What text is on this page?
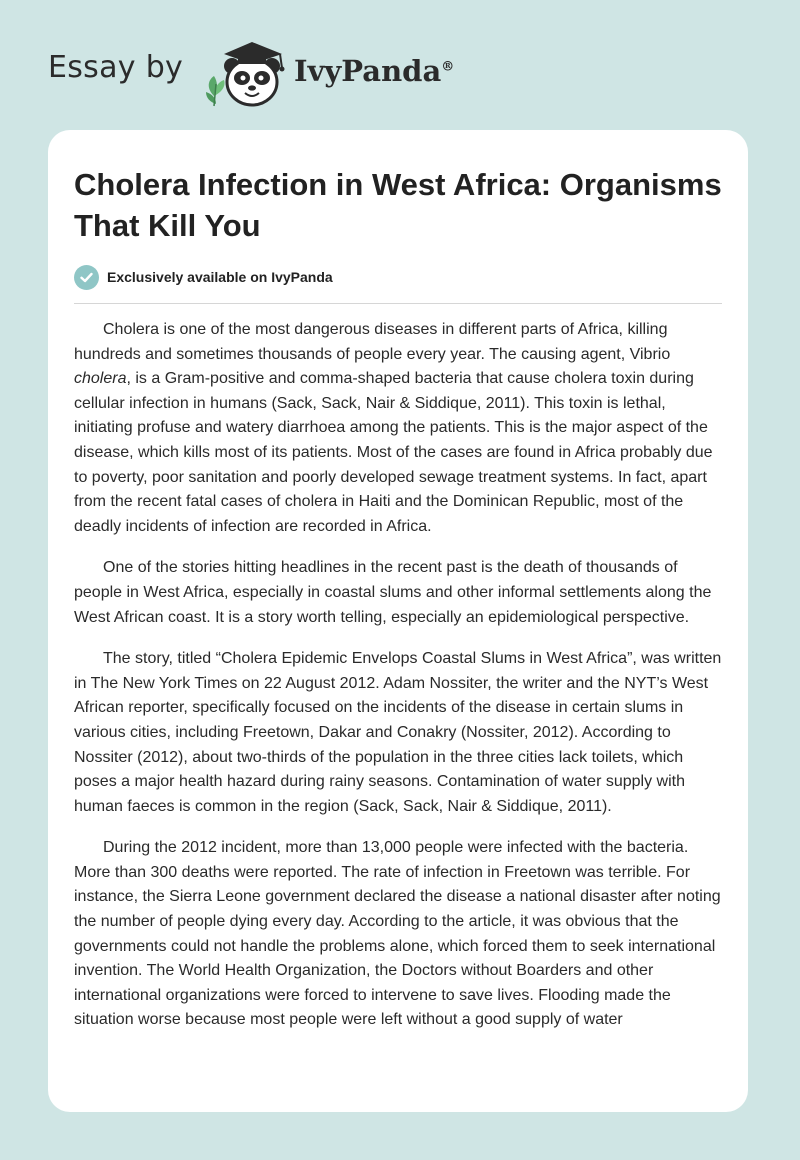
Essay by	IvyPanda®
Cholera Infection in West Africa: Organisms That Kill You
Exclusively available on IvyPanda

Cholera is one of the most dangerous diseases in different parts of Africa, killing hundreds and sometimes thousands of people every year. The causing agent, Vibrio cholera, is a Gram-positive and comma-shaped bacteria that cause cholera toxin during cellular infection in humans (Sack, Sack, Nair & Siddique, 2011). This toxin is lethal, initiating profuse and watery diarrhoea among the patients. This is the major aspect of the disease, which kills most of its patients. Most of the cases are found in Africa probably due to poverty, poor sanitation and poorly developed sewage treatment systems. In fact, apart from the recent fatal cases of cholera in Haiti and the Dominican Republic, most of the deadly incidents of infection are recorded in Africa.

One of the stories hitting headlines in the recent past is the death of thousands of people in West Africa, especially in coastal slums and other informal settlements along the West African coast. It is a story worth telling, especially an epidemiological perspective.

The story, titled “Cholera Epidemic Envelops Coastal Slums in West Africa”, was written in The New York Times on 22 August 2012. Adam Nossiter, the writer and the NYT’s West African reporter, specifically focused on the incidents of the disease in certain slums in various cities, including Freetown, Dakar and Conakry (Nossiter, 2012). According to Nossiter (2012), about two-thirds of the population in the three cities lack toilets, which poses a major health hazard during rainy seasons. Contamination of water supply with human faeces is common in the region (Sack, Sack, Nair & Siddique, 2011).

During the 2012 incident, more than 13,000 people were infected with the bacteria. More than 300 deaths were reported. The rate of infection in Freetown was terrible. For instance, the Sierra Leone government declared the disease a national disaster after noting the number of people dying every day. According to the article, it was obvious that the governments could not handle the problems alone, which forced them to seek international invention. The World Health Organization, the Doctors without Boarders and other international organizations were forced to intervene to save lives. Flooding made the situation worse because most people were left without a good supply of water
